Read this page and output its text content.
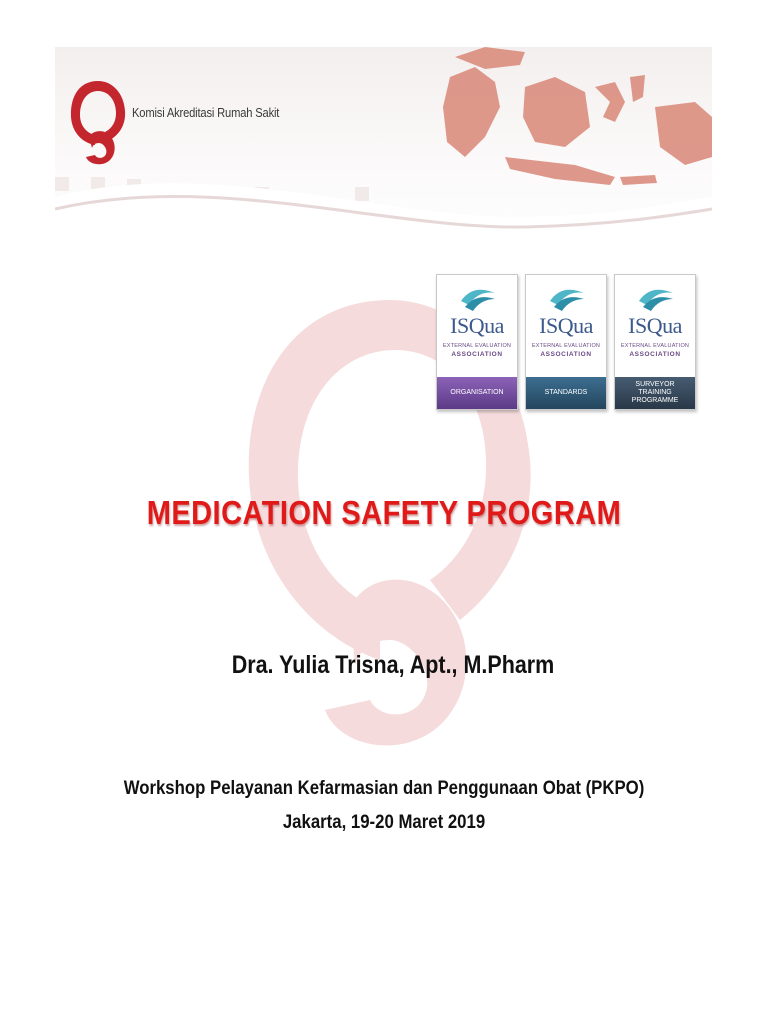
Komisi Akreditasi Rumah Sakit
ISQua
EXTERNAL EVALUATION
ASSOCIATION
ORGANISATION
ISQua
EXTERNAL EVALUATION
ASSOCIATION
STANDARDS
ISQua
EXTERNAL EVALUATION
ASSOCIATION
SURVEYOR TRAINING PROGRAMME
MEDICATION SAFETY PROGRAM
Dra. Yulia Trisna, Apt., M.Pharm
Workshop Pelayanan Kefarmasian dan Penggunaan Obat (PKPO)
Jakarta, 19-20 Maret 2019
